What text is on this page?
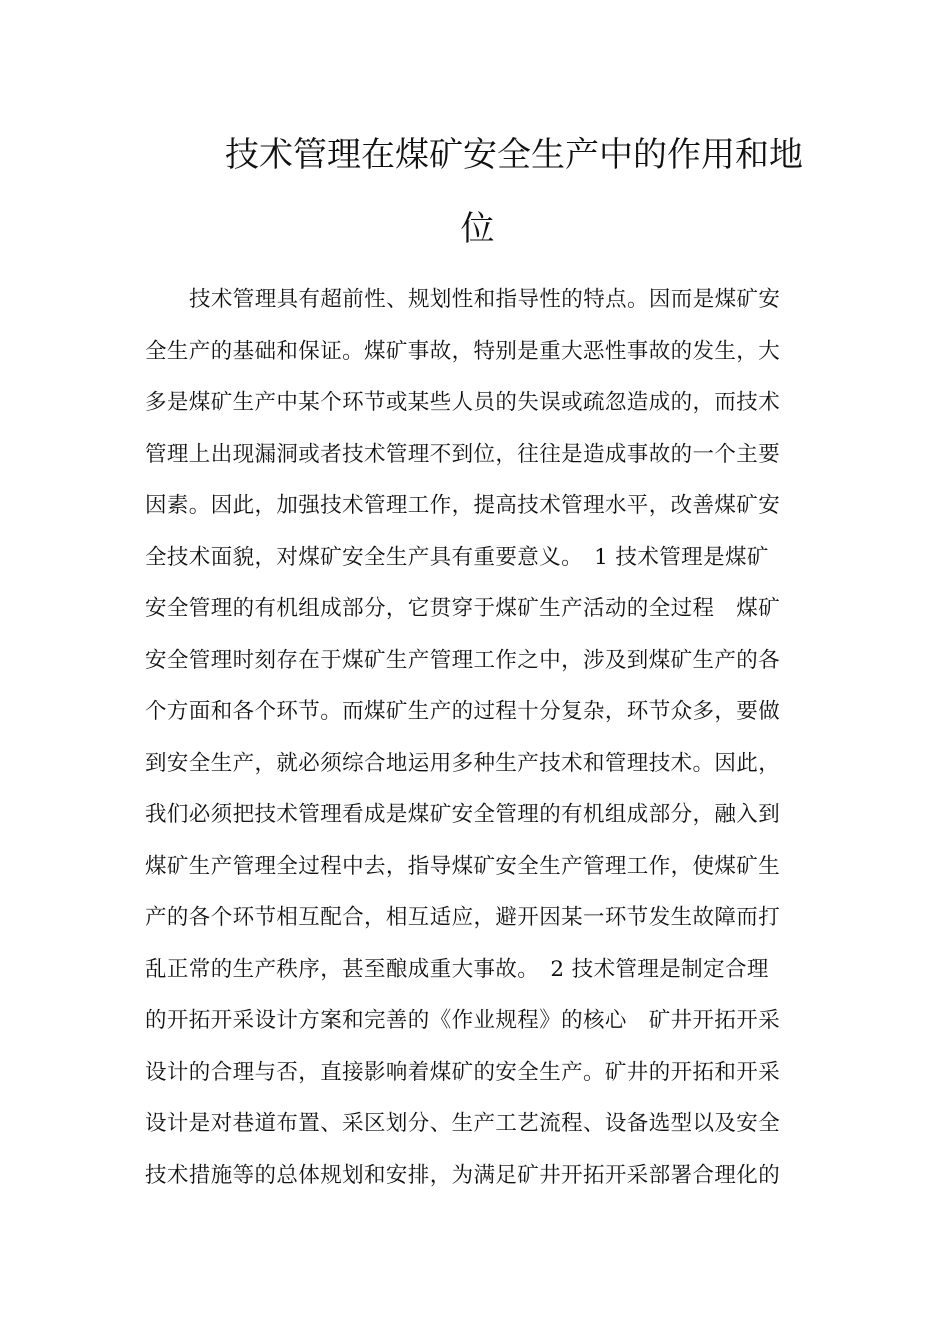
技术管理在煤矿安全生产中的作用和地
位
技术管理具有超前性、规划性和指导性的特点。因而是煤矿安
全生产的基础和保证。煤矿事故，特别是重大恶性事故的发生，大
多是煤矿生产中某个环节或某些人员的失误或疏忽造成的，而技术
管理上出现漏洞或者技术管理不到位，往往是造成事故的一个主要
因素。因此，加强技术管理工作，提高技术管理水平，改善煤矿安
全技术面貌，对煤矿安全生产具有重要意义。　1 技术管理是煤矿
安全管理的有机组成部分，它贯穿于煤矿生产活动的全过程　煤矿
安全管理时刻存在于煤矿生产管理工作之中，涉及到煤矿生产的各
个方面和各个环节。而煤矿生产的过程十分复杂，环节众多，要做
到安全生产，就必须综合地运用多种生产技术和管理技术。因此，
我们必须把技术管理看成是煤矿安全管理的有机组成部分，融入到
煤矿生产管理全过程中去，指导煤矿安全生产管理工作，使煤矿生
产的各个环节相互配合，相互适应，避开因某一环节发生故障而打
乱正常的生产秩序，甚至酿成重大事故。　2 技术管理是制定合理
的开拓开采设计方案和完善的《作业规程》的核心　矿井开拓开采
设计的合理与否，直接影响着煤矿的安全生产。矿井的开拓和开采
设计是对巷道布置、采区划分、生产工艺流程、设备选型以及安全
技术措施等的总体规划和安排，为满足矿井开拓开采部署合理化的
